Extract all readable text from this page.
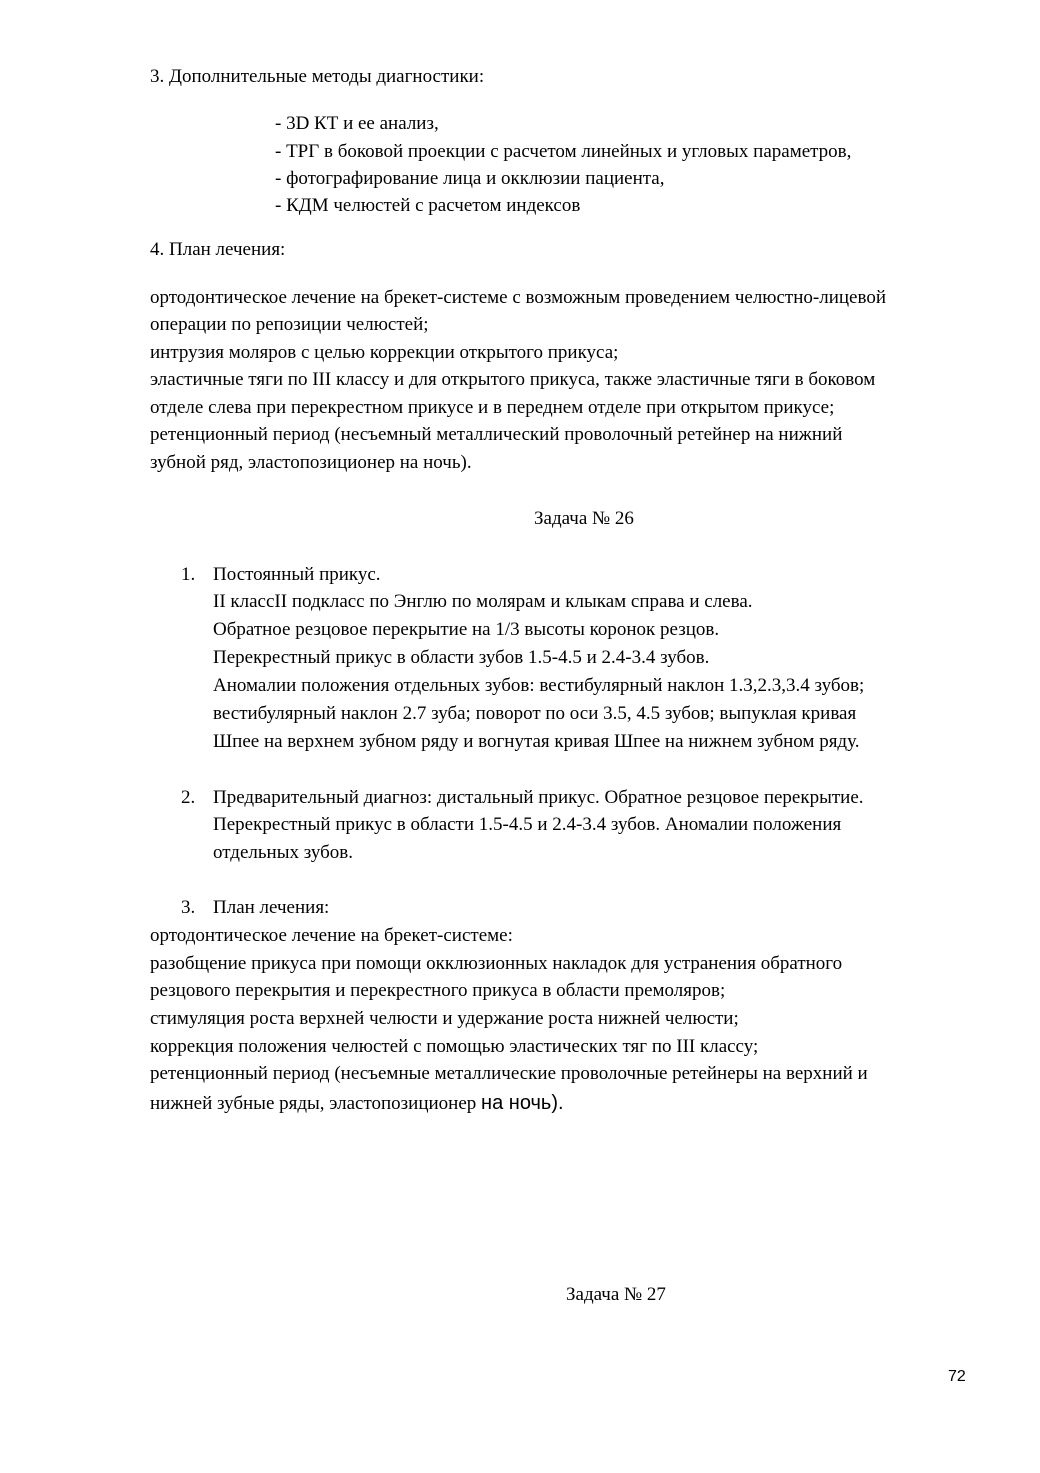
3. Дополнительные методы диагностики:
- 3D КТ и ее анализ,
- ТРГ в боковой проекции с расчетом линейных и угловых параметров,
- фотографирование лица и окклюзии пациента,
- КДМ челюстей с расчетом индексов
4. План лечения:
ортодонтическое лечение на брекет-системе с возможным проведением челюстно-лицевой
операции по репозиции челюстей;
интрузия моляров с целью коррекции открытого прикуса;
эластичные тяги по III классу и для открытого прикуса, также эластичные тяги в боковом
отделе слева при перекрестном прикусе и в переднем отделе при открытом прикусе;
ретенционный период (несъемный металлический проволочный ретейнер на нижний
зубной ряд, эластопозиционер на ночь).
Задача № 26
1. Постоянный прикус.
II классII подкласс по Энглю по молярам и клыкам справа и слева.
Обратное резцовое перекрытие на 1/3 высоты коронок резцов.
Перекрестный прикус в области зубов 1.5-4.5 и 2.4-3.4 зубов.
Аномалии положения отдельных зубов: вестибулярный наклон 1.3,2.3,3.4 зубов;
вестибулярный наклон 2.7 зуба; поворот по оси 3.5, 4.5 зубов; выпуклая кривая
Шпее на верхнем зубном ряду и вогнутая кривая Шпее на нижнем зубном ряду.
2. Предварительный диагноз: дистальный прикус. Обратное резцовое перекрытие.
Перекрестный прикус в области 1.5-4.5 и 2.4-3.4 зубов. Аномалии положения
отдельных зубов.
3. План лечения:
ортодонтическое лечение на брекет-системе:
разобщение прикуса при помощи окклюзионных накладок для устранения обратного
резцового перекрытия и перекрестного прикуса в области премоляров;
стимуляция роста верхней челюсти и удержание роста нижней челюсти;
коррекция положения челюстей с помощью эластических тяг по III классу;
ретенционный период (несъемные металлические проволочные ретейнеры на верхний и
нижней зубные ряды, эластопозиционер на ночь).
Задача № 27
72
